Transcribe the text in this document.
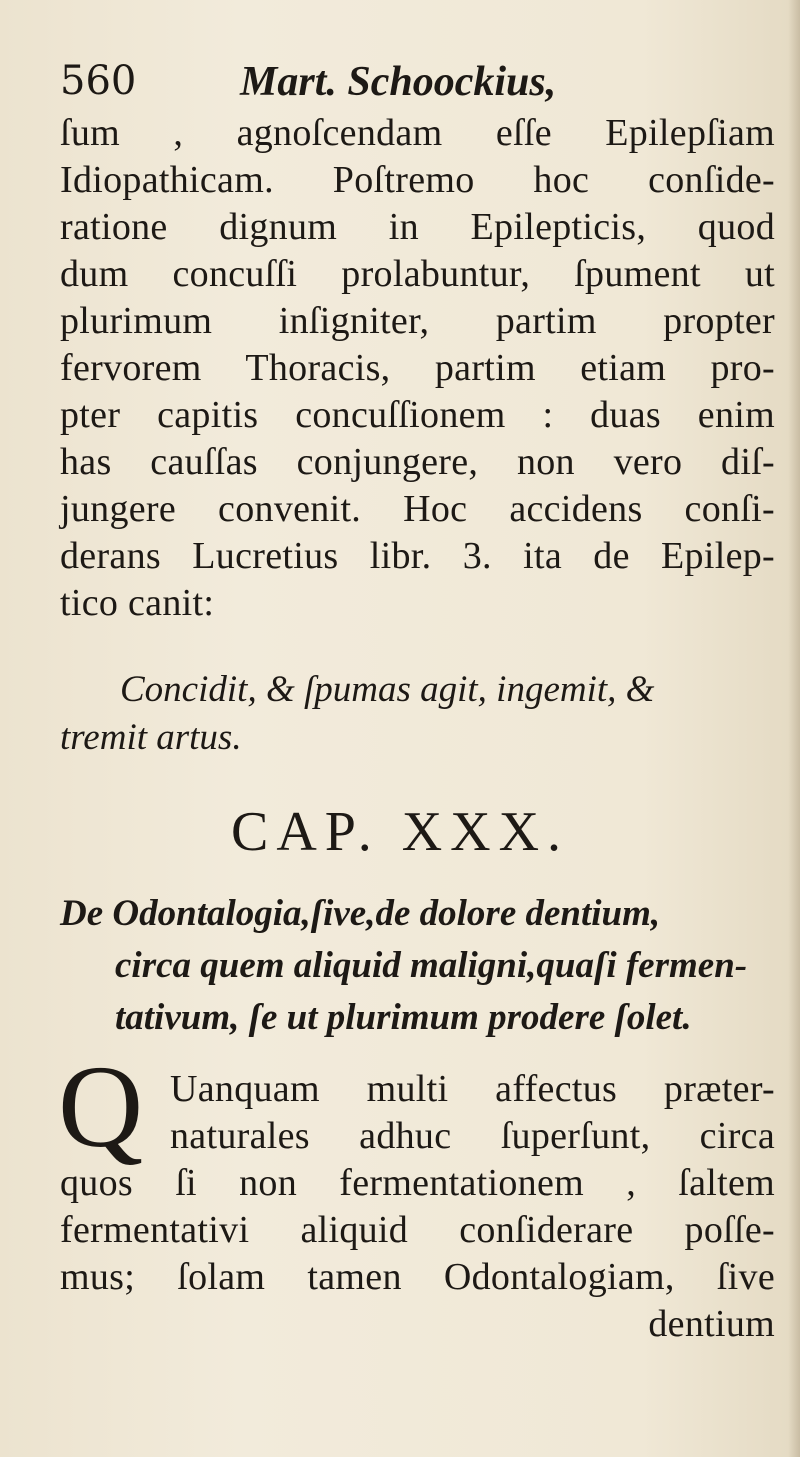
560 Mart. Schoockius,
ſum , agnoſcendam eſſe Epilepſiam
Idiopathicam. Poſtremo hoc conſide-
ratione dignum in Epilepticis, quod
dum concuſſi prolabuntur, ſpument ut
plurimum inſigniter, partim propter
fervorem Thoracis, partim etiam pro-
pter capitis concuſſionem : duas enim
has cauſſas conjungere, non vero diſ-
jungere convenit. Hoc accidens conſi-
derans Lucretius libr. 3. ita de Epilep-
tico canit:
Concidit, & ſpumas agit, ingemit, &
tremit artus.
CAP. XXX.
De Odontalogia,ſive,de dolore dentium,
circa quem aliquid maligni,quaſi fermen-
tativum, ſe ut plurimum prodere ſolet.
Q Uanquam multi affectus præter-
naturales adhuc ſuperſunt, circa
quos ſi non fermentationem , ſaltem
fermentativi aliquid conſiderare poſſe-
mus; ſolam tamen Odontalogiam, ſive
dentium
